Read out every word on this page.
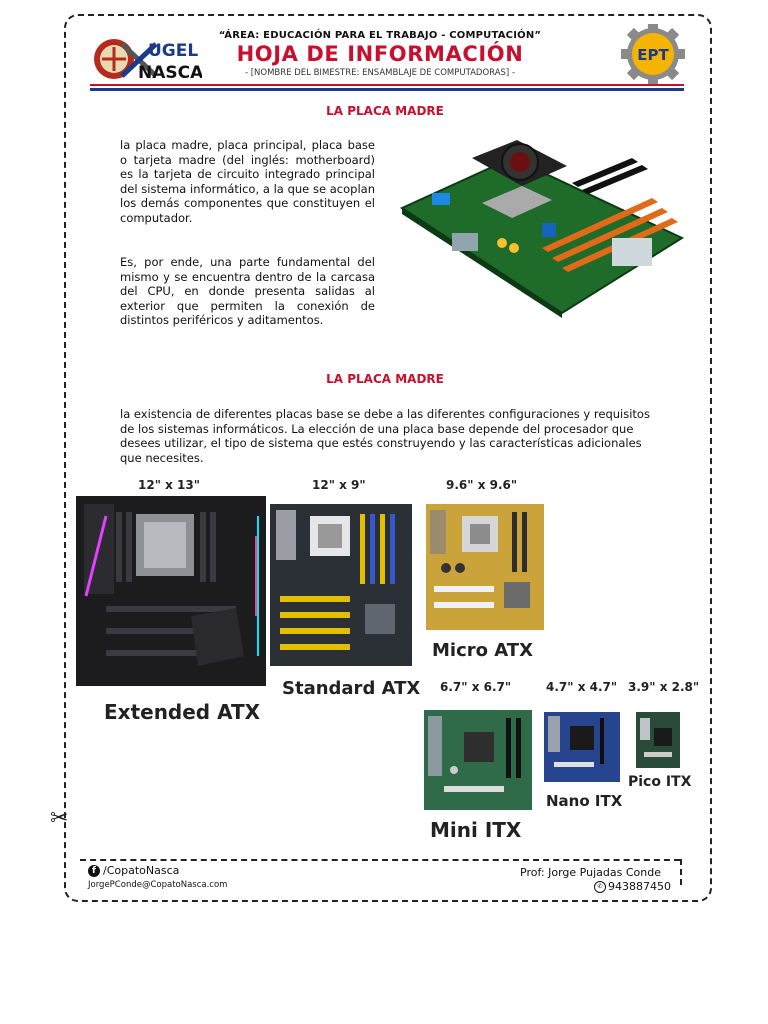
UGEL
NASCA
“ÁREA: EDUCACIÓN PARA EL TRABAJO - COMPUTACIÓN”
HOJA DE INFORMACIÓN
- [NOMBRE DEL BIMESTRE: ENSAMBLAJE DE COMPUTADORAS] -
EPT
LA PLACA MADRE

la placa madre, placa principal, placa base o tarjeta madre (del inglés: motherboard) es la tarjeta de circuito integrado principal del sistema informático, a la que se acoplan los demás componentes que constituyen el computador.

Es, por ende, una parte fundamental del mismo y se encuentra dentro de la carcasa del CPU, en donde presenta salidas al exterior que permiten la conexión de distintos periféricos y aditamentos.

LA PLACA MADRE

la existencia de diferentes placas base se debe a las diferentes configuraciones y requisitos de los sistemas informáticos. La elección de una placa base depende del procesador que desees utilizar, el tipo de sistema que estés construyendo y las características adicionales que necesites.

12" x 13"	12" x 9"	9.6" x 9.6"
Micro ATX
Standard ATX
Extended ATX
6.7" x 6.7"	4.7" x 4.7" 3.9" x 2.8"
Pico ITX
Nano ITX
Mini ITX
✂
f /CopatoNasca
JorgePConde@CopatoNasca.com
Prof: Jorge Pujadas Conde
✆ 943887450
